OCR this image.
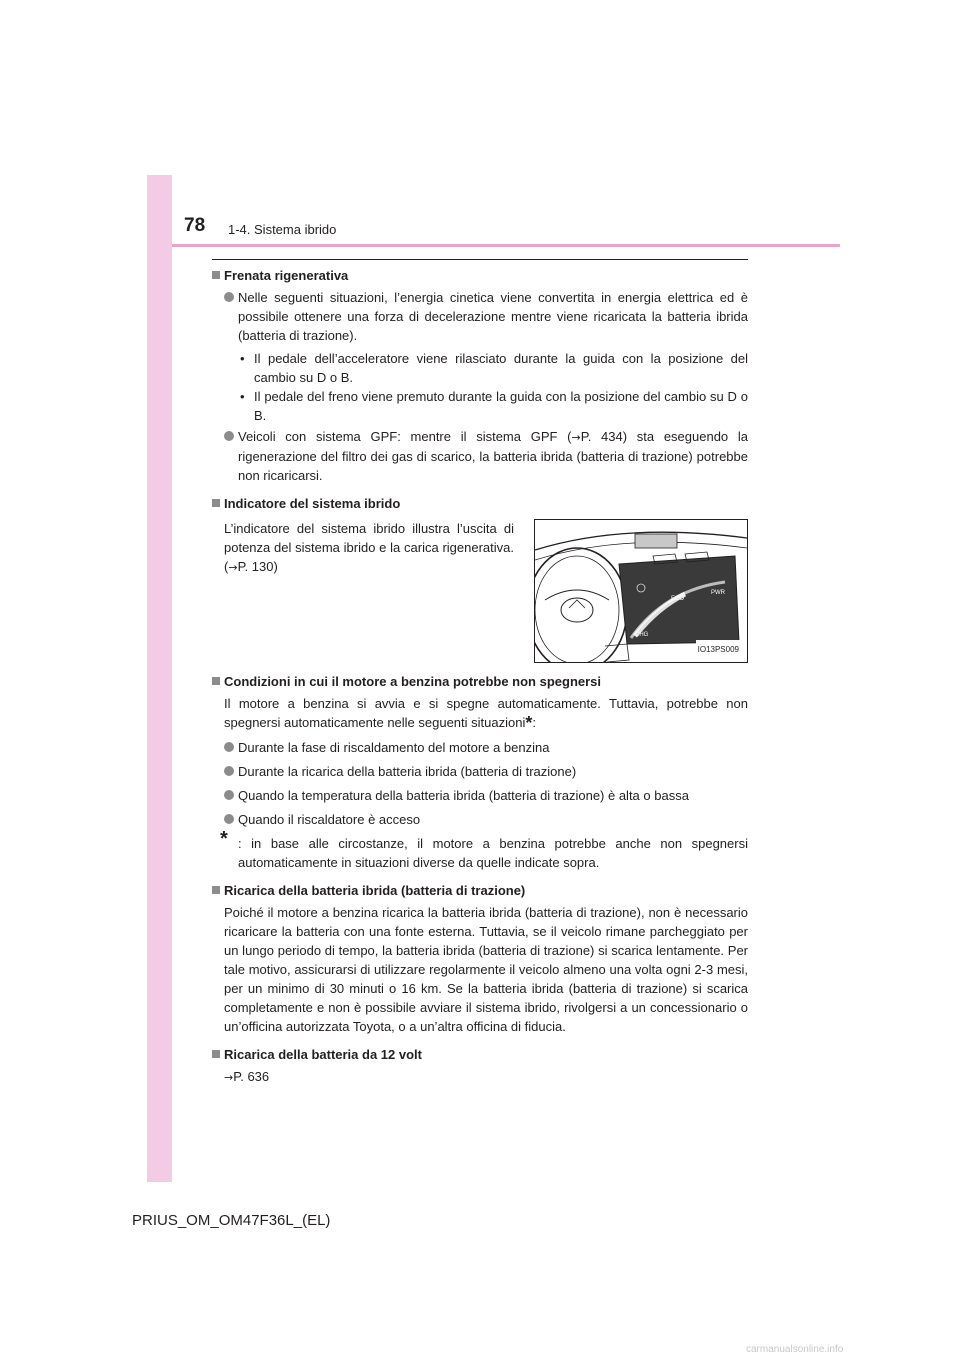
78 1-4. Sistema ibrido
Frenata rigenerativa
Nelle seguenti situazioni, l’energia cinetica viene convertita in energia elettrica ed è possibile ottenere una forza di decelerazione mentre viene ricaricata la batteria ibrida (batteria di trazione).
• Il pedale dell’acceleratore viene rilasciato durante la guida con la posizione del cambio su D o B.
• Il pedale del freno viene premuto durante la guida con la posizione del cambio su D o B.
Veicoli con sistema GPF: mentre il sistema GPF (→P. 434) sta eseguendo la rigenerazione del filtro dei gas di scarico, la batteria ibrida (batteria di trazione) potrebbe non ricaricarsi.
Indicatore del sistema ibrido
L’indicatore del sistema ibrido illustra l’uscita di potenza del sistema ibrido e la carica rigenerativa. (→P. 130)
PWR
ECO
CHG
IO13PS009
Condizioni in cui il motore a benzina potrebbe non spegnersi
Il motore a benzina si avvia e si spegne automaticamente. Tuttavia, potrebbe non spegnersi automaticamente nelle seguenti situazioni*:
Durante la fase di riscaldamento del motore a benzina
Durante la ricarica della batteria ibrida (batteria di trazione)
Quando la temperatura della batteria ibrida (batteria di trazione) è alta o bassa
Quando il riscaldatore è acceso
* : in base alle circostanze, il motore a benzina potrebbe anche non spegnersi automaticamente in situazioni diverse da quelle indicate sopra.
Ricarica della batteria ibrida (batteria di trazione)
Poiché il motore a benzina ricarica la batteria ibrida (batteria di trazione), non è necessario ricaricare la batteria con una fonte esterna. Tuttavia, se il veicolo rimane parcheggiato per un lungo periodo di tempo, la batteria ibrida (batteria di trazione) si scarica lentamente. Per tale motivo, assicurarsi di utilizzare regolarmente il veicolo almeno una volta ogni 2-3 mesi, per un minimo di 30 minuti o 16 km. Se la batteria ibrida (batteria di trazione) si scarica completamente e non è possibile avviare il sistema ibrido, rivolgersi a un concessionario o un’officina autorizzata Toyota, o a un’altra officina di fiducia.
Ricarica della batteria da 12 volt
→P. 636
PRIUS_OM_OM47F36L_(EL)
carmanualsonline.info
